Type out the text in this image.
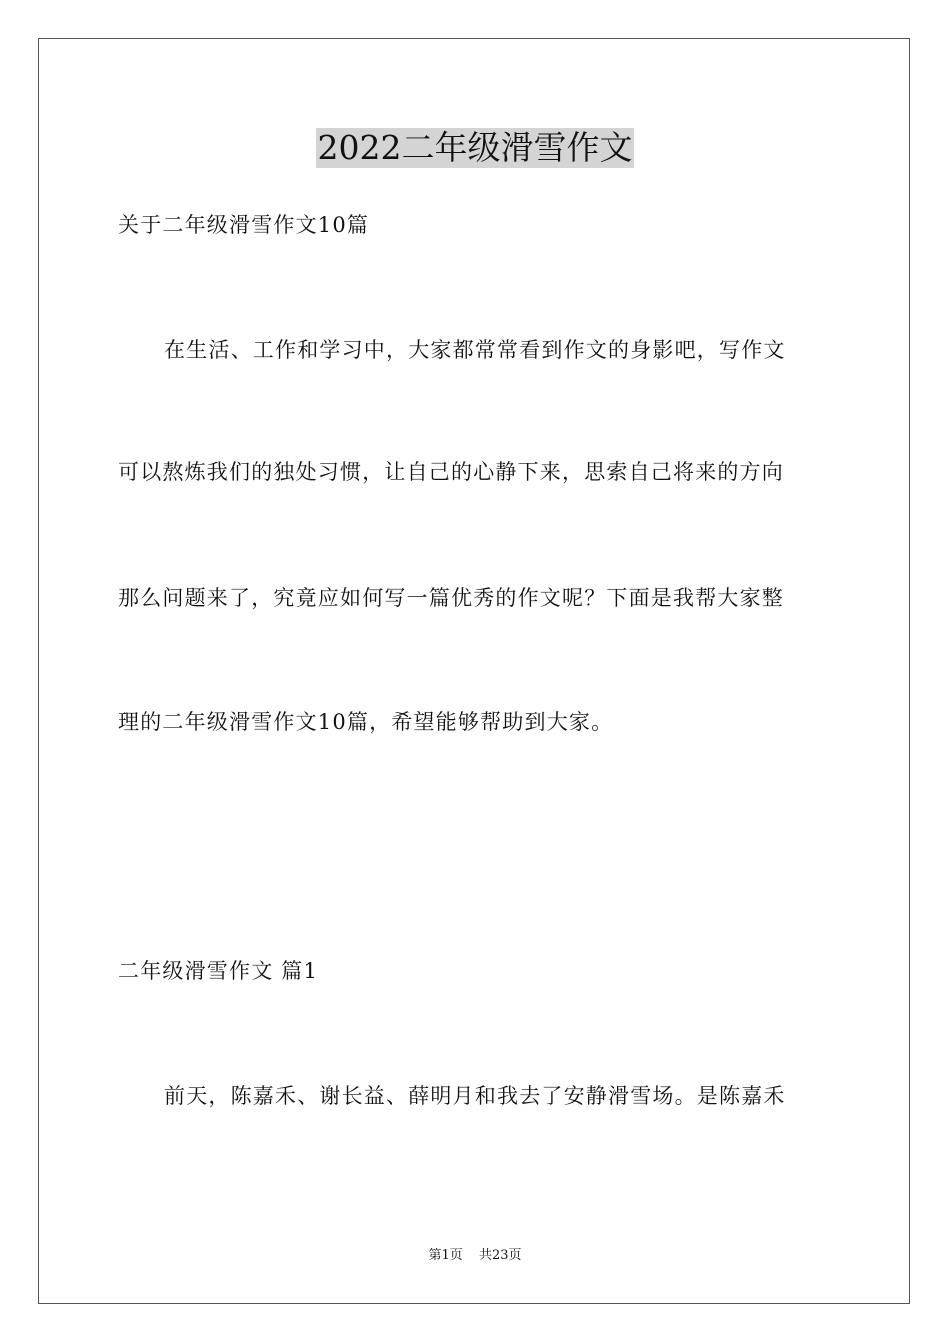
2022二年级滑雪作文
关于二年级滑雪作文10篇
在生活、工作和学习中，大家都常常看到作文的身影吧，写作文
可以熬炼我们的独处习惯，让自己的心静下来，思索自己将来的方向
那么问题来了，究竟应如何写一篇优秀的作文呢？下面是我帮大家整
理的二年级滑雪作文10篇，希望能够帮助到大家。
二年级滑雪作文 篇1
前天，陈嘉禾、谢长益、薛明月和我去了安静滑雪场。是陈嘉禾
第1页 共23页
